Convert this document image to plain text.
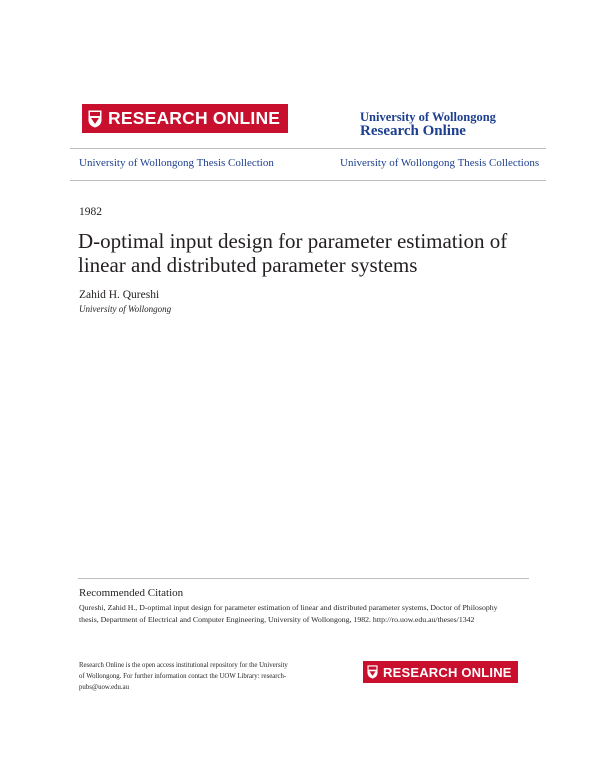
RESEARCH ONLINE	University of Wollongong
Research Online
University of Wollongong Thesis Collection	University of Wollongong Thesis Collections
1982
D-optimal input design for parameter estimation of linear and distributed parameter systems
Zahid H. Qureshi
University of Wollongong
Recommended Citation
Qureshi, Zahid H., D-optimal input design for parameter estimation of linear and distributed parameter systems, Doctor of Philosophy thesis, Department of Electrical and Computer Engineering, University of Wollongong, 1982. http://ro.uow.edu.au/theses/1342
Research Online is the open access institutional repository for the University of Wollongong. For further information contact the UOW Library: research-pubs@uow.edu.au
RESEARCH ONLINE
